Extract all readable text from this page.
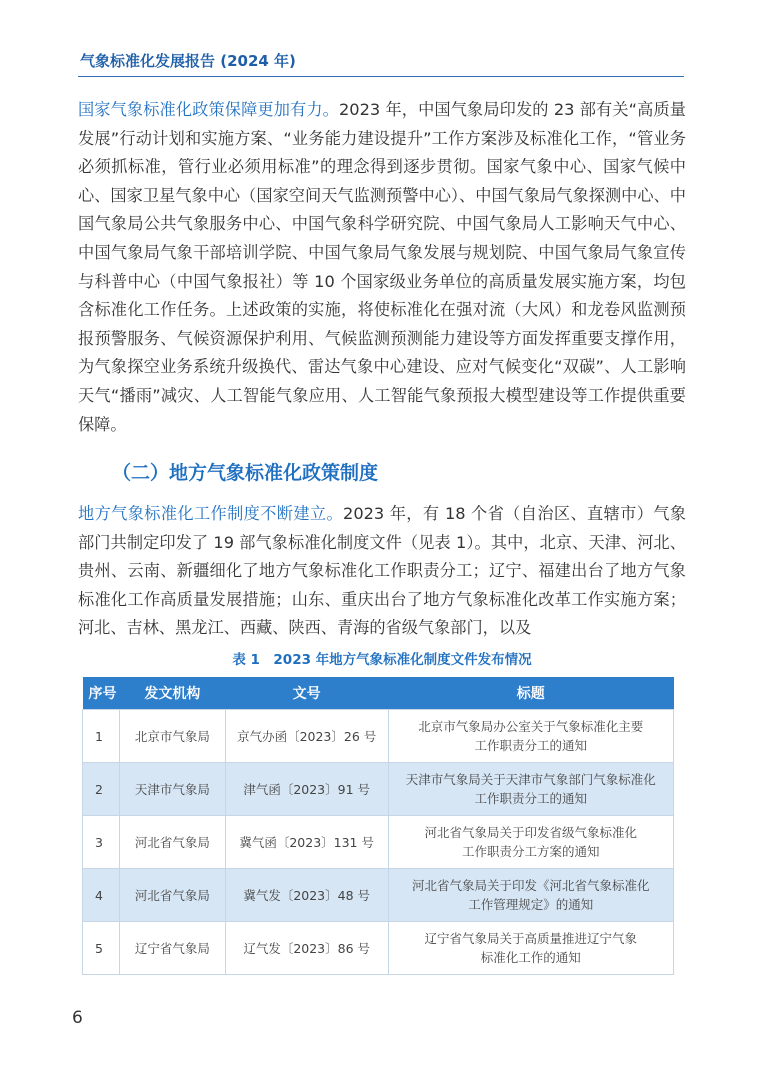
气象标准化发展报告 (2024 年)

国家气象标准化政策保障更加有力。2023 年，中国气象局印发的 23 部有关“高质量发展”行动计划和实施方案、“业务能力建设提升”工作方案涉及标准化工作，“管业务必须抓标准，管行业必须用标准”的理念得到逐步贯彻。国家气象中心、国家气候中心、国家卫星气象中心（国家空间天气监测预警中心）、中国气象局气象探测中心、中国气象局公共气象服务中心、中国气象科学研究院、中国气象局人工影响天气中心、中国气象局气象干部培训学院、中国气象局气象发展与规划院、中国气象局气象宣传与科普中心（中国气象报社）等 10 个国家级业务单位的高质量发展实施方案，均包含标准化工作任务。上述政策的实施，将使标准化在强对流（大风）和龙卷风监测预报预警服务、气候资源保护利用、气候监测预测能力建设等方面发挥重要支撑作用，为气象探空业务系统升级换代、雷达气象中心建设、应对气候变化“双碳”、人工影响天气“播雨”减灾、人工智能气象应用、人工智能气象预报大模型建设等工作提供重要保障。

（二）地方气象标准化政策制度

地方气象标准化工作制度不断建立。2023 年，有 18 个省（自治区、直辖市）气象部门共制定印发了 19 部气象标准化制度文件（见表 1）。其中，北京、天津、河北、贵州、云南、新疆细化了地方气象标准化工作职责分工；辽宁、福建出台了地方气象标准化工作高质量发展措施；山东、重庆出台了地方气象标准化改革工作实施方案；河北、吉林、黑龙江、西藏、陕西、青海的省级气象部门，以及

表 1　2023 年地方气象标准化制度文件发布情况
序号	发文机构	文号	标题
1	北京市气象局	京气办函〔2023〕26 号	北京市气象局办公室关于气象标准化主要
工作职责分工的通知
2	天津市气象局	津气函〔2023〕91 号	天津市气象局关于天津市气象部门气象标准化
工作职责分工的通知
3	河北省气象局	冀气函〔2023〕131 号	河北省气象局关于印发省级气象标准化
工作职责分工方案的通知
4	河北省气象局	冀气发〔2023〕48 号	河北省气象局关于印发《河北省气象标准化
工作管理规定》的通知
5	辽宁省气象局	辽气发〔2023〕86 号	辽宁省气象局关于高质量推进辽宁气象
标准化工作的通知
6
